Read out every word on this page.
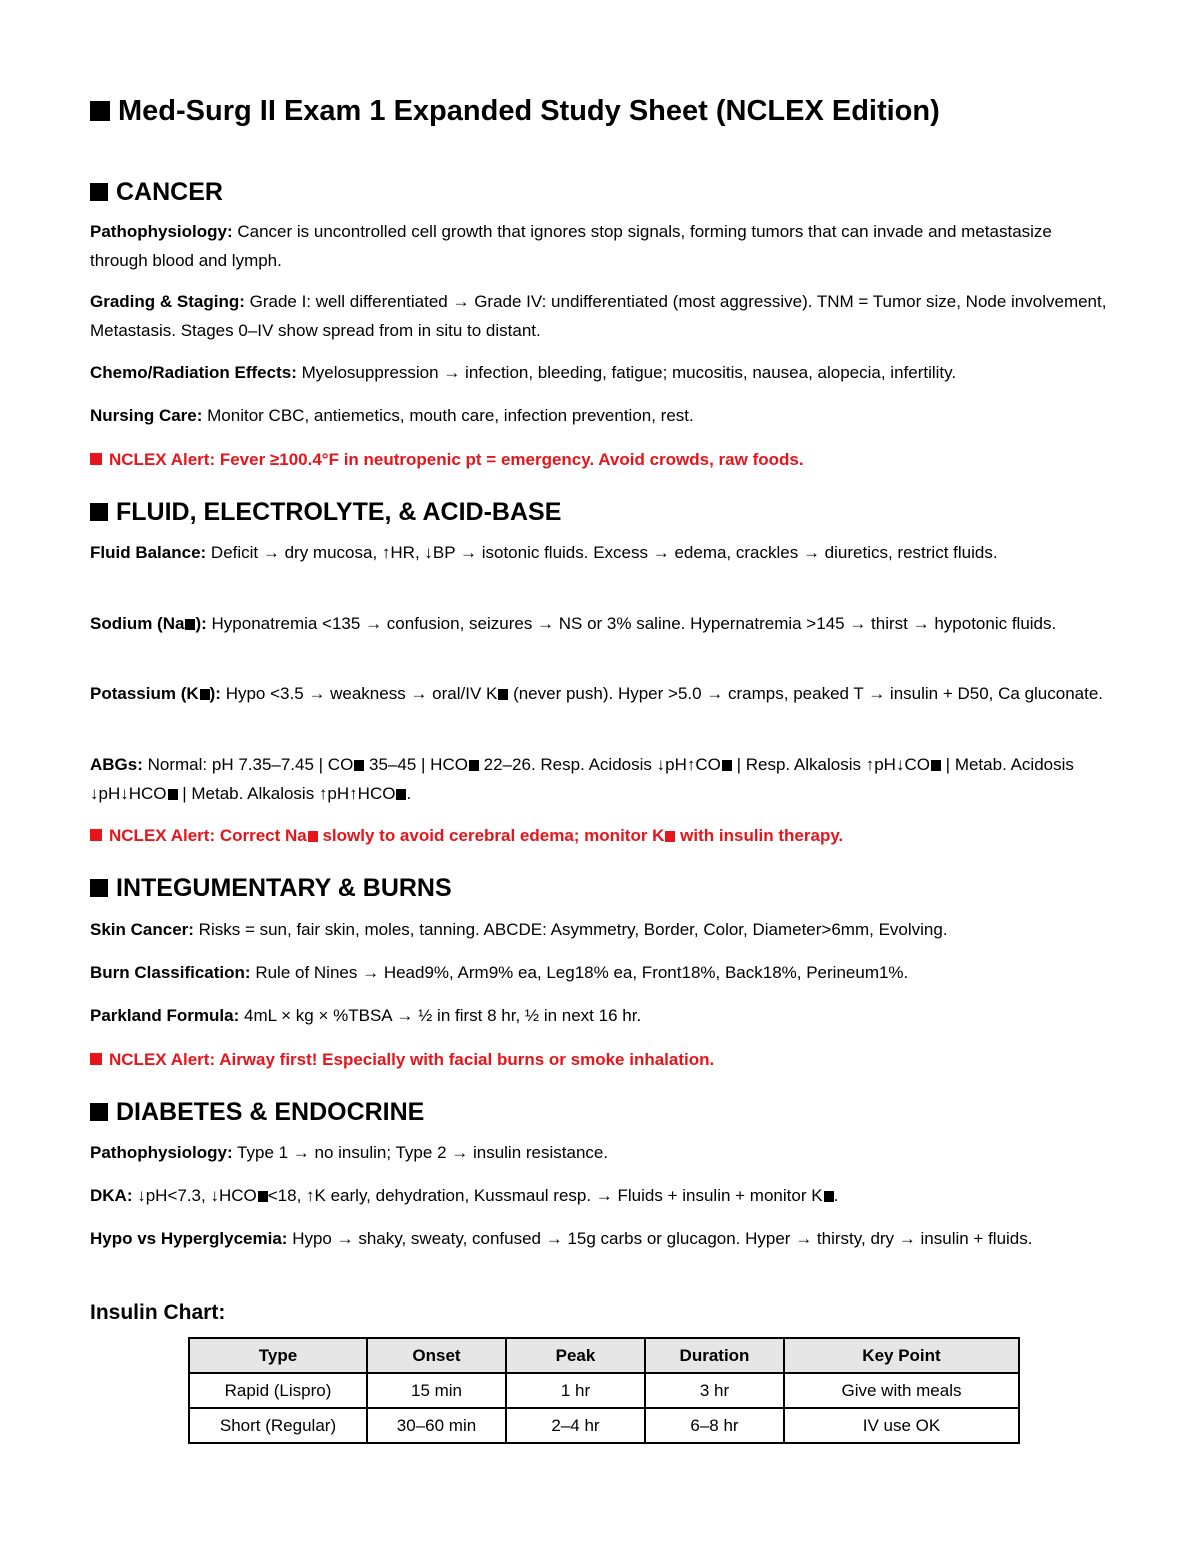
Med-Surg II Exam 1 Expanded Study Sheet (NCLEX Edition)
CANCER

Pathophysiology: Cancer is uncontrolled cell growth that ignores stop signals, forming tumors that can invade and metastasize through blood and lymph.

Grading & Staging: Grade I: well differentiated → Grade IV: undifferentiated (most aggressive). TNM = Tumor size, Node involvement, Metastasis. Stages 0–IV show spread from in situ to distant.

Chemo/Radiation Effects: Myelosuppression → infection, bleeding, fatigue; mucositis, nausea, alopecia, infertility.

Nursing Care: Monitor CBC, antiemetics, mouth care, infection prevention, rest.

NCLEX Alert: Fever ≥100.4°F in neutropenic pt = emergency. Avoid crowds, raw foods.

FLUID, ELECTROLYTE, & ACID-BASE

Fluid Balance: Deficit → dry mucosa, ↑HR, ↓BP → isotonic fluids. Excess → edema, crackles → diuretics, restrict fluids.

Sodium (Na ): Hyponatremia <135 → confusion, seizures → NS or 3% saline. Hypernatremia >145 → thirst → hypotonic fluids.

Potassium (K ): Hypo <3.5 → weakness → oral/IV K (never push). Hyper >5.0 → cramps, peaked T → insulin + D50, Ca gluconate.

ABGs: Normal: pH 7.35–7.45 | CO 35–45 | HCO 22–26. Resp. Acidosis ↓pH↑CO | Resp. Alkalosis ↑pH↓CO | Metab. Acidosis ↓pH↓HCO | Metab. Alkalosis ↑pH↑HCO .

NCLEX Alert: Correct Na slowly to avoid cerebral edema; monitor K with insulin therapy.

INTEGUMENTARY & BURNS

Skin Cancer: Risks = sun, fair skin, moles, tanning. ABCDE: Asymmetry, Border, Color, Diameter>6mm, Evolving.

Burn Classification: Rule of Nines → Head9%, Arm9% ea, Leg18% ea, Front18%, Back18%, Perineum1%.

Parkland Formula: 4mL × kg × %TBSA → ½ in first 8 hr, ½ in next 16 hr.

NCLEX Alert: Airway first! Especially with facial burns or smoke inhalation.

DIABETES & ENDOCRINE

Pathophysiology: Type 1 → no insulin; Type 2 → insulin resistance.

DKA: ↓pH<7.3, ↓HCO <18, ↑K early, dehydration, Kussmaul resp. → Fluids + insulin + monitor K .

Hypo vs Hyperglycemia: Hypo → shaky, sweaty, confused → 15g carbs or glucagon. Hyper → thirsty, dry → insulin + fluids.

Insulin Chart:
Type	Onset	Peak	Duration	Key Point
Rapid (Lispro)	15 min	1 hr	3 hr	Give with meals
Short (Regular)	30–60 min	2–4 hr	6–8 hr	IV use OK
